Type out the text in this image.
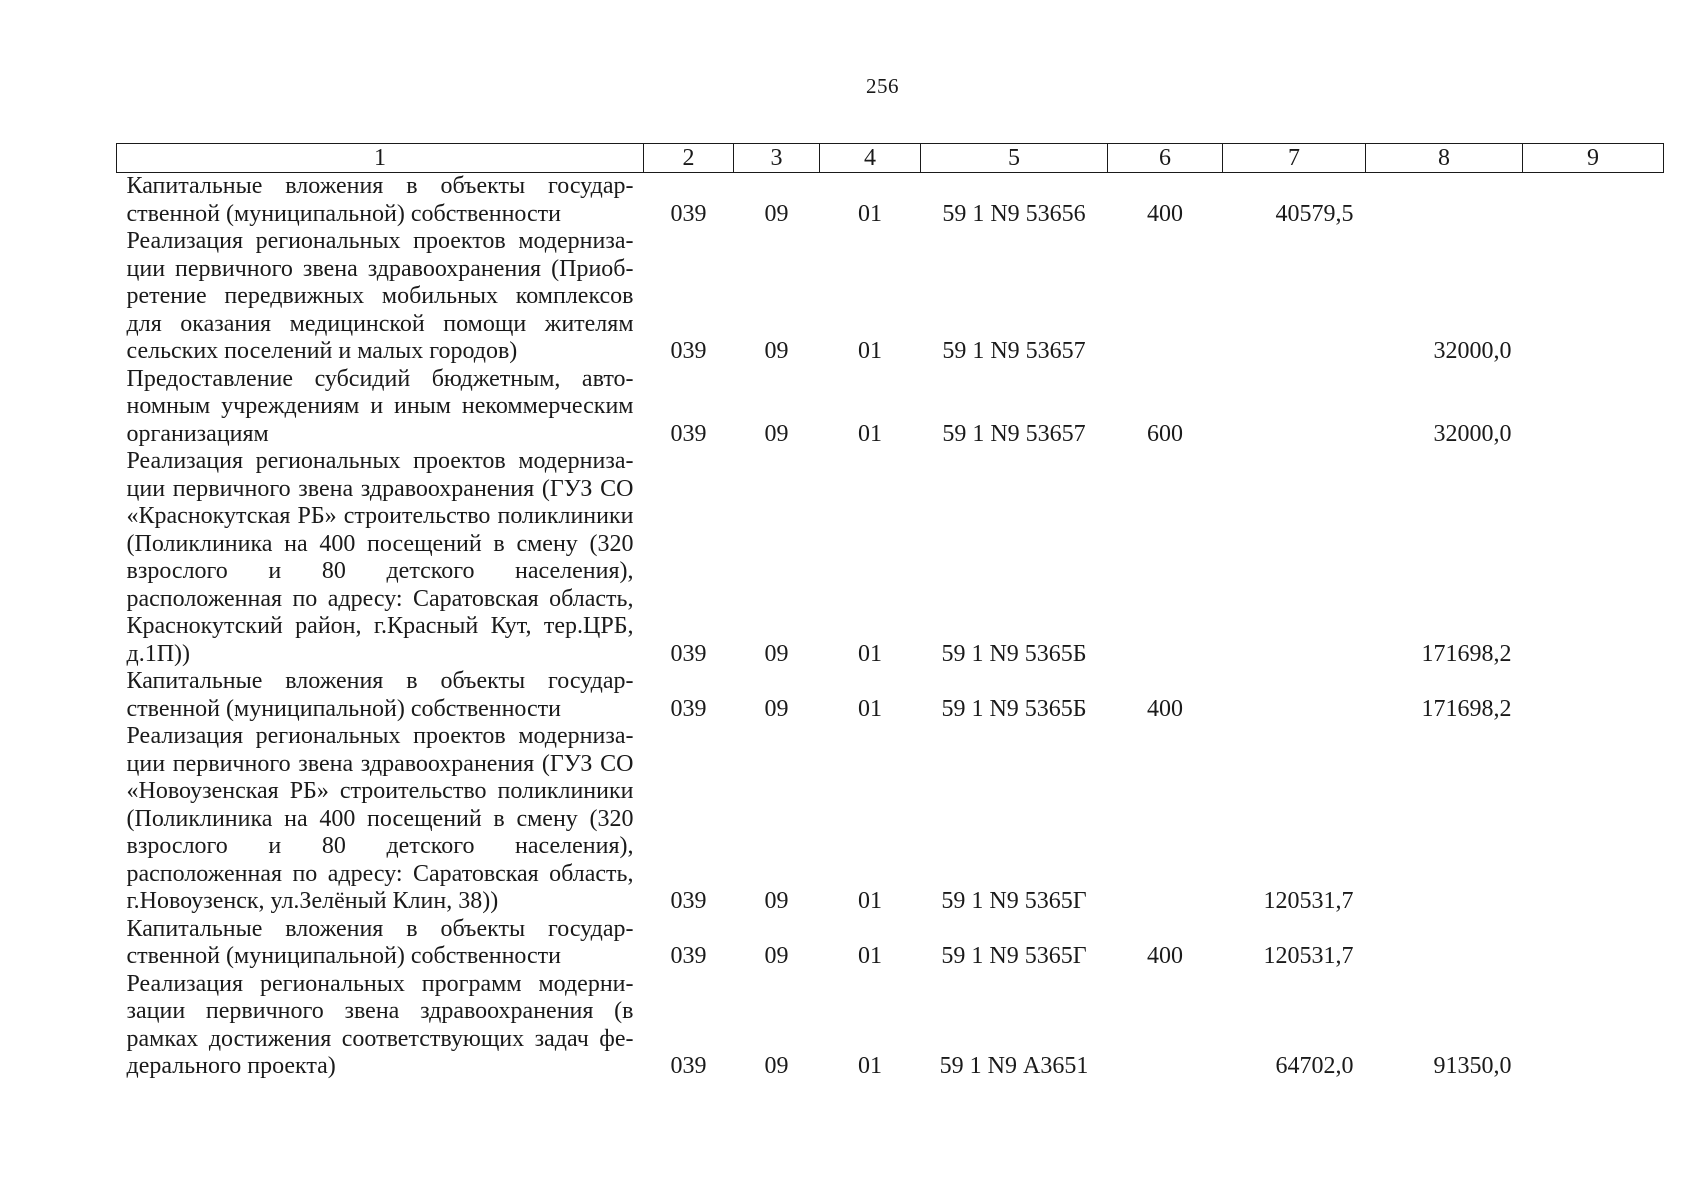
256
1	2	3	4	5	6	7	8	9
Капитальные вложения в объекты государственной (муниципальной) собственности	039	09	01	59 1 N9 53656	400	40579,5		
Реализация региональных проектов модернизации первичного звена здравоохранения (Приобретение передвижных мобильных комплексов для оказания медицинской помощи жителям сельских поселений и малых городов)	039	09	01	59 1 N9 53657			32000,0	
Предоставление субсидий бюджетным, автономным учреждениям и иным некоммерческим организациям	039	09	01	59 1 N9 53657	600		32000,0	
Реализация региональных проектов модернизации первичного звена здравоохранения (ГУЗ СО «Краснокутская РБ» строительство поликлиники (Поликлиника на 400 посещений в смену (320 взрослого и 80 детского населения), расположенная по адресу: Саратовская область, Краснокутский район, г.Красный Кут, тер.ЦРБ, д.1П))	039	09	01	59 1 N9 5365Б			171698,2	
Капитальные вложения в объекты государственной (муниципальной) собственности	039	09	01	59 1 N9 5365Б	400		171698,2	
Реализация региональных проектов модернизации первичного звена здравоохранения (ГУЗ СО «Новоузенская РБ» строительство поликлиники (Поликлиника на 400 посещений в смену (320 взрослого и 80 детского населения), расположенная по адресу: Саратовская область, г.Новоузенск, ул.Зелёный Клин, 38))	039	09	01	59 1 N9 5365Г		120531,7		
Капитальные вложения в объекты государственной (муниципальной) собственности	039	09	01	59 1 N9 5365Г	400	120531,7		
Реализация региональных программ модернизации первичного звена здравоохранения (в рамках достижения соответствующих задач федерального проекта)	039	09	01	59 1 N9 А3651		64702,0	91350,0	
